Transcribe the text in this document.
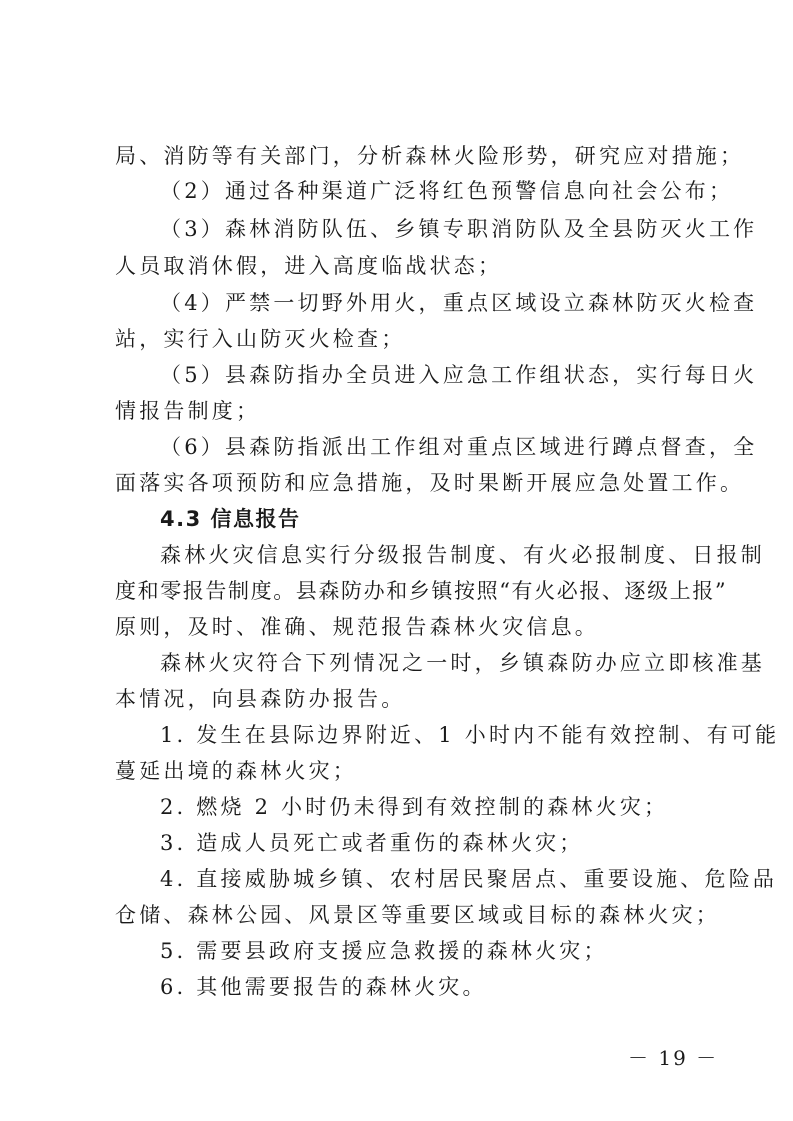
局、消防等有关部门，分析森林火险形势，研究应对措施；
（2）通过各种渠道广泛将红色预警信息向社会公布；
（3）森林消防队伍、乡镇专职消防队及全县防灭火工作
人员取消休假，进入高度临战状态；
（4）严禁一切野外用火，重点区域设立森林防灭火检查
站，实行入山防灭火检查；
（5）县森防指办全员进入应急工作组状态，实行每日火
情报告制度；
（6）县森防指派出工作组对重点区域进行蹲点督查，全
面落实各项预防和应急措施，及时果断开展应急处置工作。
4.3 信息报告
森林火灾信息实行分级报告制度、有火必报制度、日报制
度和零报告制度。县森防办和乡镇按照“有火必报、逐级上报”
原则，及时、准确、规范报告森林火灾信息。
森林火灾符合下列情况之一时，乡镇森防办应立即核准基
本情况，向县森防办报告。
1. 发生在县际边界附近、1 小时内不能有效控制、有可能
蔓延出境的森林火灾；
2. 燃烧 2 小时仍未得到有效控制的森林火灾；
3. 造成人员死亡或者重伤的森林火灾；
4. 直接威胁城乡镇、农村居民聚居点、重要设施、危险品
仓储、森林公园、风景区等重要区域或目标的森林火灾；
5. 需要县政府支援应急救援的森林火灾；
6. 其他需要报告的森林火灾。
－ 19 －
